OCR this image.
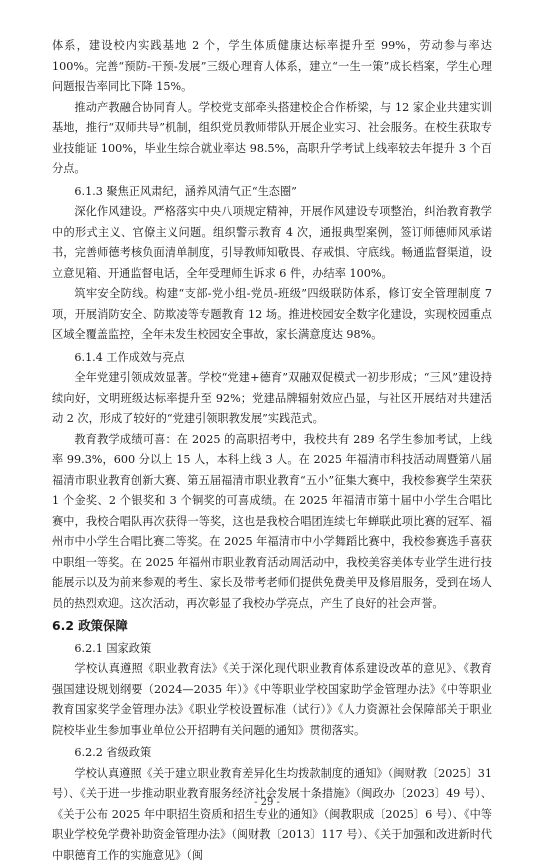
体系，建设校内实践基地 2 个，学生体质健康达标率提升至 99%，劳动参与率达 100%。完善“预防-干预-发展”三级心理育人体系，建立“一生一策”成长档案，学生心理问题报告率同比下降 15%。

推动产教融合协同育人。学校党支部牵头搭建校企合作桥梁，与 12 家企业共建实训基地，推行“双师共导”机制，组织党员教师带队开展企业实习、社会服务。在校生获取专业技能证 100%，毕业生综合就业率达 98.5%，高职升学考试上线率较去年提升 3 个百分点。

6.1.3 聚焦正风肃纪，涵养风清气正“生态圈”

深化作风建设。严格落实中央八项规定精神，开展作风建设专项整治，纠治教育教学中的形式主义、官僚主义问题。组织警示教育 4 次，通报典型案例，签订师德师风承诺书，完善师德考核负面清单制度，引导教师知敬畏、存戒惧、守底线。畅通监督渠道，设立意见箱、开通监督电话，全年受理师生诉求 6 件，办结率 100%。

筑牢安全防线。构建“支部-党小组-党员-班级”四级联防体系，修订安全管理制度 7 项，开展消防安全、防欺凌等专题教育 12 场。推进校园安全数字化建设，实现校园重点区域全覆盖监控，全年未发生校园安全事故，家长满意度达 98%。

6.1.4 工作成效与亮点

全年党建引领成效显著。学校“党建+德育”双融双促模式一初步形成；“三风”建设持续向好，文明班级达标率提升至 92%；党建品牌辐射效应凸显，与社区开展结对共建活动 2 次，形成了较好的“党建引领职教发展”实践范式。

教育教学成绩可喜：在 2025 的高职招考中，我校共有 289 名学生参加考试，上线率 99.3%，600 分以上 15 人，本科上线 3 人。在 2025 年福清市科技活动周暨第八届福清市职业教育创新大赛、第五届福清市职业教育“五小”征集大赛中，我校参赛学生荣获 1 个金奖、2 个银奖和 3 个铜奖的可喜成绩。在 2025 年福清市第十届中小学生合唱比赛中，我校合唱队再次获得一等奖，这也是我校合唱团连续七年蝉联此项比赛的冠军、福州市中小学生合唱比赛二等奖。在 2025 年福清市中小学舞蹈比赛中，我校参赛选手喜获中职组一等奖。在 2025 年福州市职业教育活动周活动中，我校美容美体专业学生进行技能展示以及为前来参观的考生、家长及带考老师们提供免费美甲及修眉服务，受到在场人员的热烈欢迎。这次活动，再次彰显了我校办学亮点，产生了良好的社会声誉。

6.2 政策保障

6.2.1 国家政策

学校认真遵照《职业教育法》《关于深化现代职业教育体系建设改革的意见》、《教育强国建设规划纲要（2024—2035 年）》《中等职业学校国家助学金管理办法》《中等职业教育国家奖学金管理办法》《职业学校设置标准（试行）》《人力资源社会保障部关于职业院校毕业生参加事业单位公开招聘有关问题的通知》贯彻落实。

6.2.2 省级政策

学校认真遵照《关于建立职业教育差异化生均拨款制度的通知》（闽财教〔2025〕31 号）、《关于进一步推动职业教育服务经济社会发展十条措施》（闽政办〔2023〕49 号）、《关于公布 2025 年中职招生资质和招生专业的通知》（闽教职成〔2025〕6 号）、《中等职业学校免学费补助资金管理办法》（闽财教〔2013〕117 号）、《关于加强和改进新时代中职德育工作的实施意见》（闽

- 29 -
